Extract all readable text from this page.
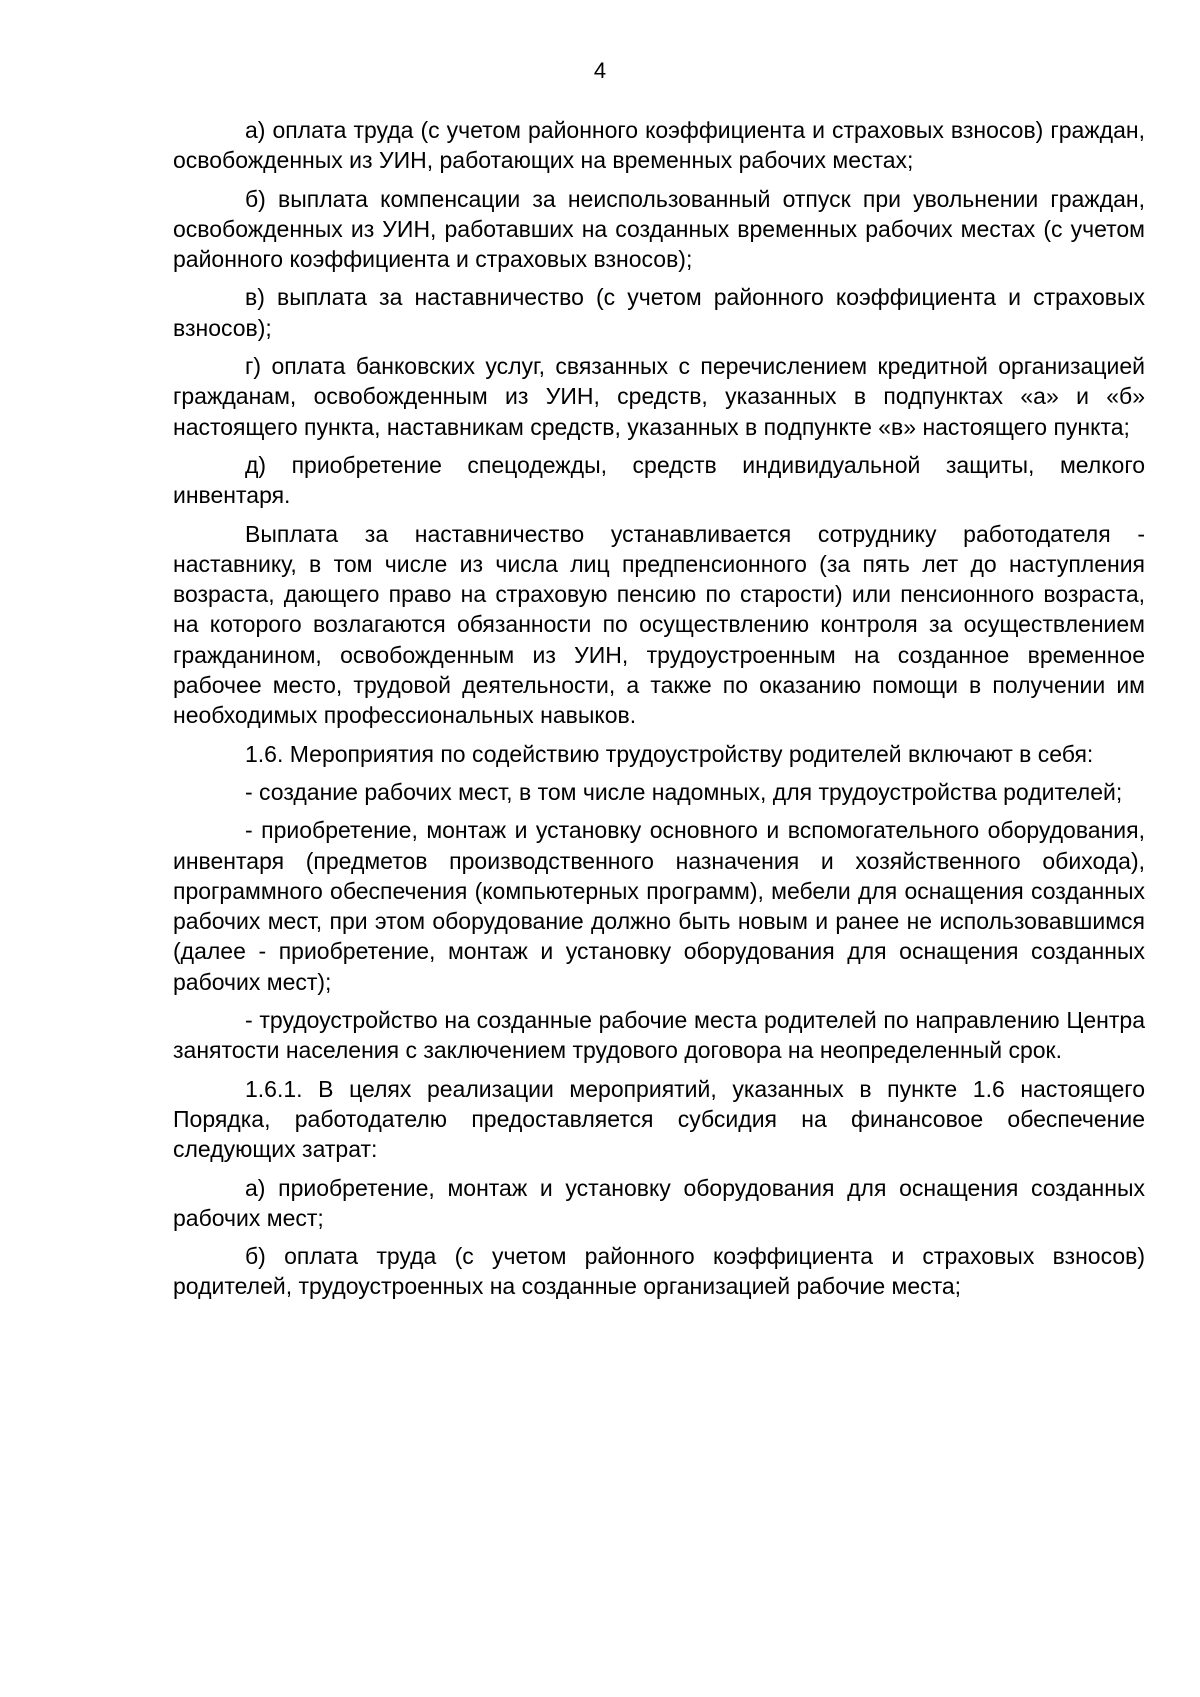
4

а) оплата труда (с учетом районного коэффициента и страховых взносов) граждан, освобожденных из УИН, работающих на временных рабочих местах;

б) выплата компенсации за неиспользованный отпуск при увольнении граждан, освобожденных из УИН, работавших на созданных временных рабочих местах (с учетом районного коэффициента и страховых взносов);

в) выплата за наставничество (с учетом районного коэффициента и страховых взносов);

г) оплата банковских услуг, связанных с перечислением кредитной организацией гражданам, освобожденным из УИН, средств, указанных в подпунктах «а» и «б» настоящего пункта, наставникам средств, указанных в подпункте «в» настоящего пункта;

д) приобретение спецодежды, средств индивидуальной защиты, мелкого инвентаря.

Выплата за наставничество устанавливается сотруднику работодателя - наставнику, в том числе из числа лиц предпенсионного (за пять лет до наступления возраста, дающего право на страховую пенсию по старости) или пенсионного возраста, на которого возлагаются обязанности по осуществлению контроля за осуществлением гражданином, освобожденным из УИН, трудоустроенным на созданное временное рабочее место, трудовой деятельности, а также по оказанию помощи в получении им необходимых профессиональных навыков.

1.6. Мероприятия по содействию трудоустройству родителей включают в себя:

- создание рабочих мест, в том числе надомных, для трудоустройства родителей;

- приобретение, монтаж и установку основного и вспомогательного оборудования, инвентаря (предметов производственного назначения и хозяйственного обихода), программного обеспечения (компьютерных программ), мебели для оснащения созданных рабочих мест, при этом оборудование должно быть новым и ранее не использовавшимся (далее - приобретение, монтаж и установку оборудования для оснащения созданных рабочих мест);

- трудоустройство на созданные рабочие места родителей по направлению Центра занятости населения с заключением трудового договора на неопределенный срок.

1.6.1. В целях реализации мероприятий, указанных в пункте 1.6 настоящего Порядка, работодателю предоставляется субсидия на финансовое обеспечение следующих затрат:

а) приобретение, монтаж и установку оборудования для оснащения созданных рабочих мест;

б) оплата труда (с учетом районного коэффициента и страховых взносов) родителей, трудоустроенных на созданные организацией рабочие места;
